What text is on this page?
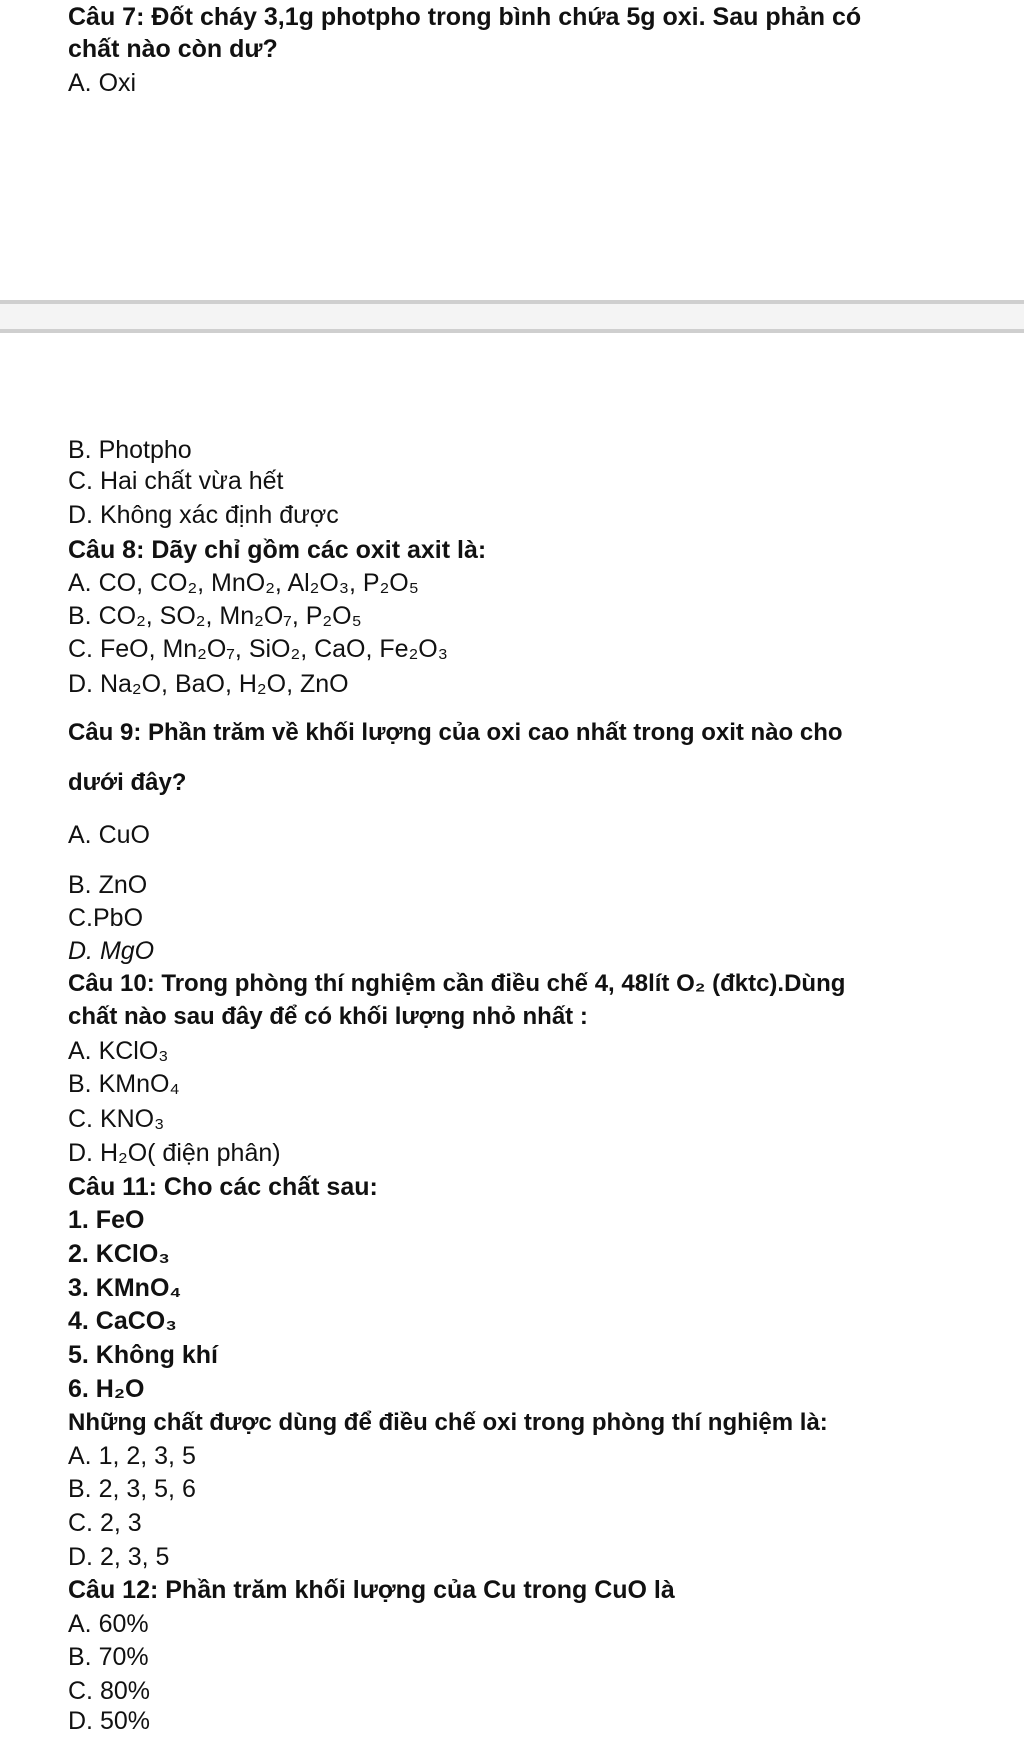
Câu 7: Đốt cháy 3,1g photpho trong bình chứa 5g oxi. Sau phản có
chất nào còn dư?
A. Oxi
B. Photpho
C. Hai chất vừa hết
D. Không xác định được
Câu 8: Dãy chỉ gồm các oxit axit là:
A. CO, CO₂, MnO₂, Al₂O₃, P₂O₅
B. CO₂, SO₂, Mn₂O₇, P₂O₅
C. FeO, Mn₂O₇, SiO₂, CaO, Fe₂O₃
D. Na₂O, BaO, H₂O, ZnO
Câu 9: Phần trăm về khối lượng của oxi cao nhất trong oxit nào cho
dưới đây?
A. CuO
B. ZnO
C.PbO
D. MgO
Câu 10: Trong phòng thí nghiệm cần điều chế 4, 48lít O₂ (đktc).Dùng
chất nào sau đây để có khối lượng nhỏ nhất :
A. KClO₃
B. KMnO₄
C. KNO₃
D. H₂O( điện phân)
Câu 11: Cho các chất sau:
1. FeO
2. KClO₃
3. KMnO₄
4. CaCO₃
5. Không khí
6. H₂O
Những chất được dùng để điều chế oxi trong phòng thí nghiệm là:
A. 1, 2, 3, 5
B. 2, 3, 5, 6
C. 2, 3
D. 2, 3, 5
Câu 12: Phần trăm khối lượng của Cu trong CuO là
A. 60%
B. 70%
C. 80%
D. 50%
